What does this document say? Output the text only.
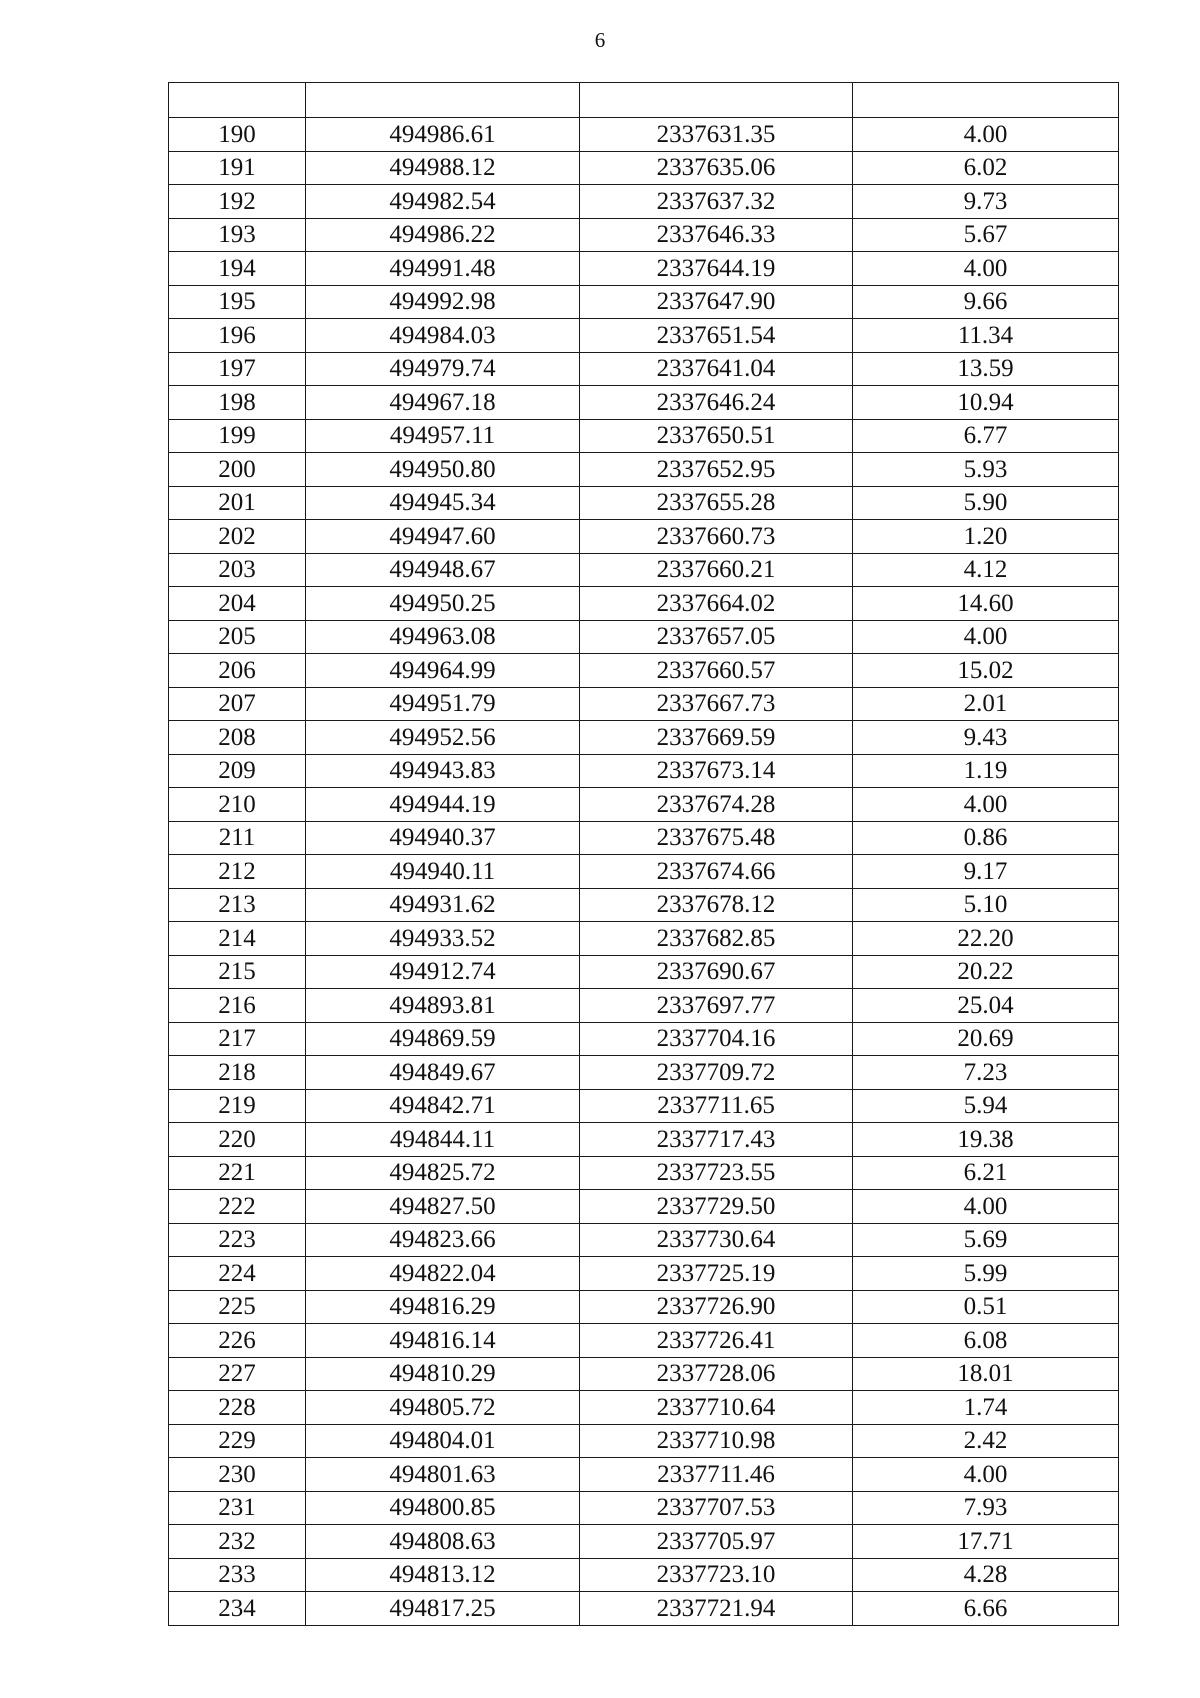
6

190	494986.61	2337631.35	4.00
191	494988.12	2337635.06	6.02
192	494982.54	2337637.32	9.73
193	494986.22	2337646.33	5.67
194	494991.48	2337644.19	4.00
195	494992.98	2337647.90	9.66
196	494984.03	2337651.54	11.34
197	494979.74	2337641.04	13.59
198	494967.18	2337646.24	10.94
199	494957.11	2337650.51	6.77
200	494950.80	2337652.95	5.93
201	494945.34	2337655.28	5.90
202	494947.60	2337660.73	1.20
203	494948.67	2337660.21	4.12
204	494950.25	2337664.02	14.60
205	494963.08	2337657.05	4.00
206	494964.99	2337660.57	15.02
207	494951.79	2337667.73	2.01
208	494952.56	2337669.59	9.43
209	494943.83	2337673.14	1.19
210	494944.19	2337674.28	4.00
211	494940.37	2337675.48	0.86
212	494940.11	2337674.66	9.17
213	494931.62	2337678.12	5.10
214	494933.52	2337682.85	22.20
215	494912.74	2337690.67	20.22
216	494893.81	2337697.77	25.04
217	494869.59	2337704.16	20.69
218	494849.67	2337709.72	7.23
219	494842.71	2337711.65	5.94
220	494844.11	2337717.43	19.38
221	494825.72	2337723.55	6.21
222	494827.50	2337729.50	4.00
223	494823.66	2337730.64	5.69
224	494822.04	2337725.19	5.99
225	494816.29	2337726.90	0.51
226	494816.14	2337726.41	6.08
227	494810.29	2337728.06	18.01
228	494805.72	2337710.64	1.74
229	494804.01	2337710.98	2.42
230	494801.63	2337711.46	4.00
231	494800.85	2337707.53	7.93
232	494808.63	2337705.97	17.71
233	494813.12	2337723.10	4.28
234	494817.25	2337721.94	6.66
